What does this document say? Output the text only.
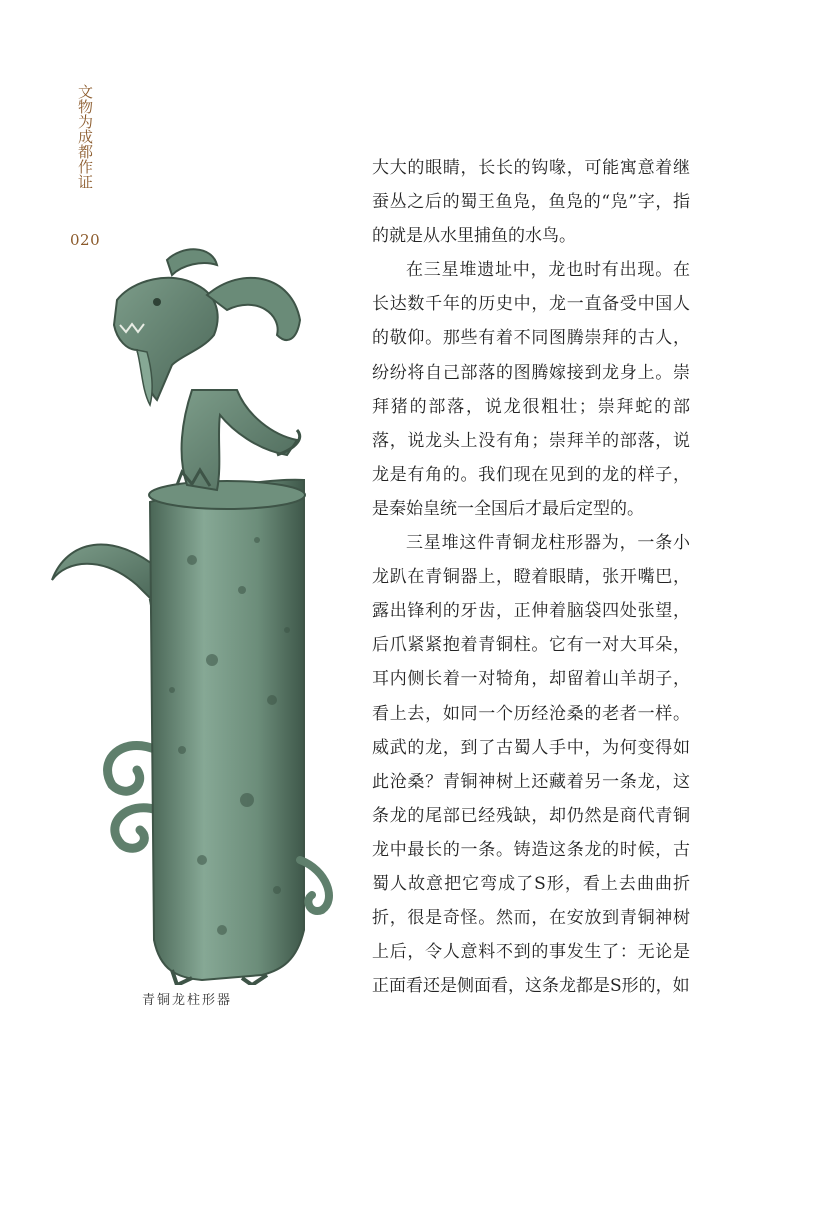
文物为成都作证
020
青铜龙柱形器

大大的眼睛，长长的钩喙，可能寓意着继蚕丛之后的蜀王鱼凫，鱼凫的“凫”字，指的就是从水里捕鱼的水鸟。

在三星堆遗址中，龙也时有出现。在长达数千年的历史中，龙一直备受中国人的敬仰。那些有着不同图腾崇拜的古人，纷纷将自己部落的图腾嫁接到龙身上。崇拜猪的部落，说龙很粗壮；崇拜蛇的部落，说龙头上没有角；崇拜羊的部落，说龙是有角的。我们现在见到的龙的样子，是秦始皇统一全国后才最后定型的。

三星堆这件青铜龙柱形器为，一条小龙趴在青铜器上，瞪着眼睛，张开嘴巴，露出锋利的牙齿，正伸着脑袋四处张望，后爪紧紧抱着青铜柱。它有一对大耳朵，耳内侧长着一对犄角，却留着山羊胡子，看上去，如同一个历经沧桑的老者一样。威武的龙，到了古蜀人手中，为何变得如此沧桑？青铜神树上还藏着另一条龙，这条龙的尾部已经残缺，却仍然是商代青铜龙中最长的一条。铸造这条龙的时候，古蜀人故意把它弯成了S形，看上去曲曲折折，很是奇怪。然而，在安放到青铜神树上后，令人意料不到的事发生了：无论是正面看还是侧面看，这条龙都是S形的，如
